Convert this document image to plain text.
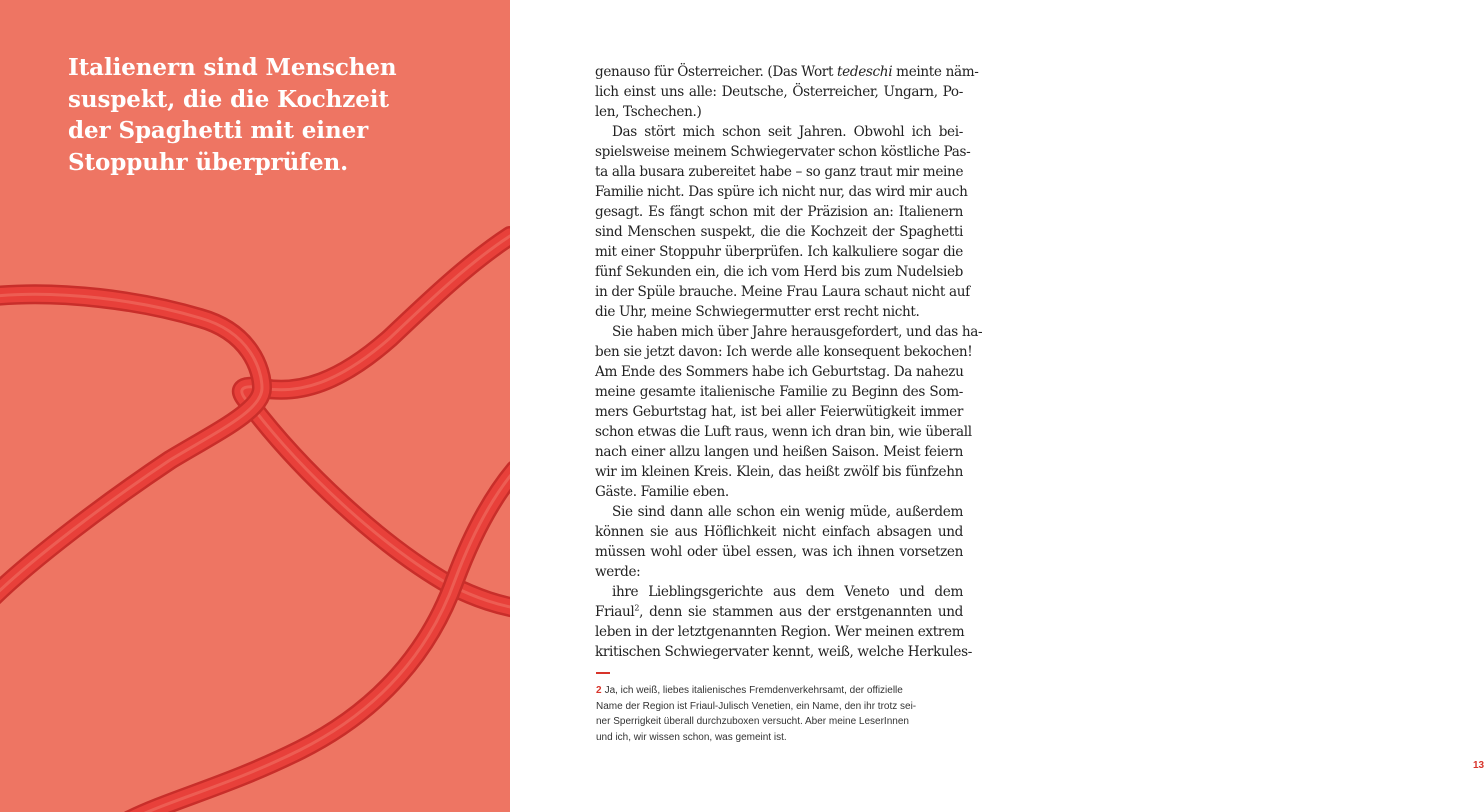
Italienern sind Menschen
suspekt, die die Kochzeit
der Spaghetti mit einer
Stoppuhr überprüfen.
genauso für Österreicher. (Das Wort tedeschi meinte näm-
lich einst uns alle: Deutsche, Österreicher, Ungarn, Po-
len, Tschechen.)
Das stört mich schon seit Jahren. Obwohl ich bei-
spielsweise meinem Schwiegervater schon köstliche Pas-
ta alla busara zubereitet habe – so ganz traut mir meine
Familie nicht. Das spüre ich nicht nur, das wird mir auch
gesagt. Es fängt schon mit der Präzision an: Italienern
sind Menschen suspekt, die die Kochzeit der Spaghetti
mit einer Stoppuhr überprüfen. Ich kalkuliere sogar die
fünf Sekunden ein, die ich vom Herd bis zum Nudelsieb
in der Spüle brauche. Meine Frau Laura schaut nicht auf
die Uhr, meine Schwiegermutter erst recht nicht.
Sie haben mich über Jahre herausgefordert, und das ha-
ben sie jetzt davon: Ich werde alle konsequent bekochen!
Am Ende des Sommers habe ich Geburtstag. Da nahezu
meine gesamte italienische Familie zu Beginn des Som-
mers Geburtstag hat, ist bei aller Feierwütigkeit immer
schon etwas die Luft raus, wenn ich dran bin, wie überall
nach einer allzu langen und heißen Saison. Meist feiern
wir im kleinen Kreis. Klein, das heißt zwölf bis fünfzehn
Gäste. Familie eben.
Sie sind dann alle schon ein wenig müde, außerdem
können sie aus Höflichkeit nicht einfach absagen und
müssen wohl oder übel essen, was ich ihnen vorsetzen
werde:
ihre Lieblingsgerichte aus dem Veneto und dem
Friaul$^2$, denn sie stammen aus der erstgenannten und
leben in der letztgenannten Region. Wer meinen extrem
kritischen Schwiegervater kennt, weiß, welche Herkules-
2 Ja, ich weiß, liebes italienisches Fremdenverkehrsamt, der offizielle
Name der Region ist Friaul-Julisch Venetien, ein Name, den ihr trotz sei-
ner Sperrigkeit überall durchzuboxen versucht. Aber meine LeserInnen
und ich, wir wissen schon, was gemeint ist.
13
